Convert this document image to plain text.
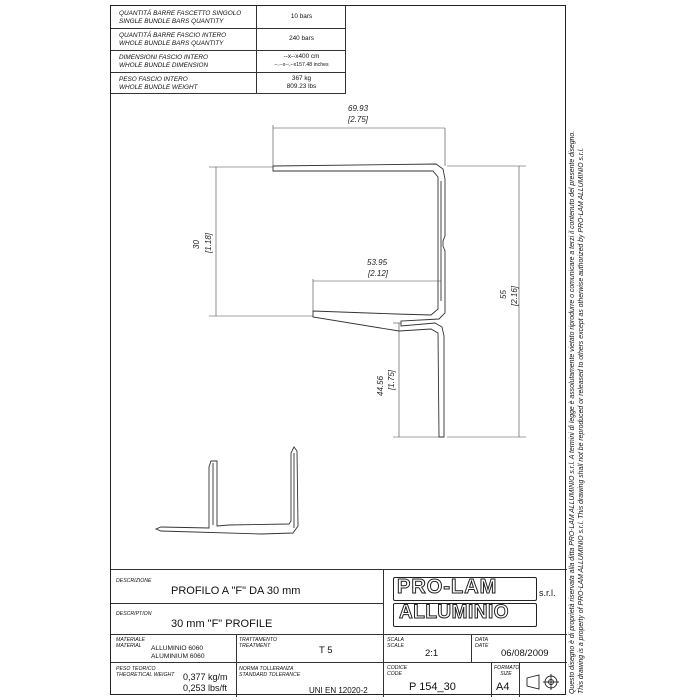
QUANTITÁ BARRE FASCETTO SINGOLO
SINGLE BUNDLE BARS QUANTITY
10 bars
QUANTITÁ BARRE FASCIO INTERO
WHOLE BUNDLE BARS QUANTITY
240 bars
DIMENSIONI FASCIO INTERO
WHOLE BUNDLE DIMENSION
--x--x400 cm
--.--x--.--x157.48 inches
PESO FASCIO INTERO
WHOLE BUNDLE WEIGHT
367 kg
809.23 lbs
69.93
[2.75]
30 [1.18]
53.95
[2.12]
55 [2.16]
44.56 [1.75]
DESCRIZIONE
PROFILO A "F" DA 30 mm
DESCRIPTION
30 mm "F" PROFILE
PRO-LAM	s.r.l.
ALLUMINIO
MATERIALE
MATERIAL	ALLUMINIO 6060
ALUMINIUM 6060
TRATTAMENTO
TREATMENT	T 5
SCALA
SCALE
2:1
DATA
DATE
06/08/2009
PESO TEORICO
THEORETICAL WEIGHT 0,377 kg/m
0,253 lbs/ft
NORMA TOLLERANZA
STANDARD TOLERANCE
UNI EN 12020-2
CODICE
CODE
P 154_30
FORMATO
SIZE
A4	Questo disegno è di proprietà riservata alla ditta PRO-LAM ALLUMINIO s.r.l. A termini di legge è assolutamente vietato riprodurre o comunicare a terzi il contenuto del presente disegno. This drawing is a property of PRO-LAM ALLUMINIO s.r.l. This drawing shall not be reproduced or released to others except as otherwise authorized by PRO-LAM ALLUMINIO s.r.l.
